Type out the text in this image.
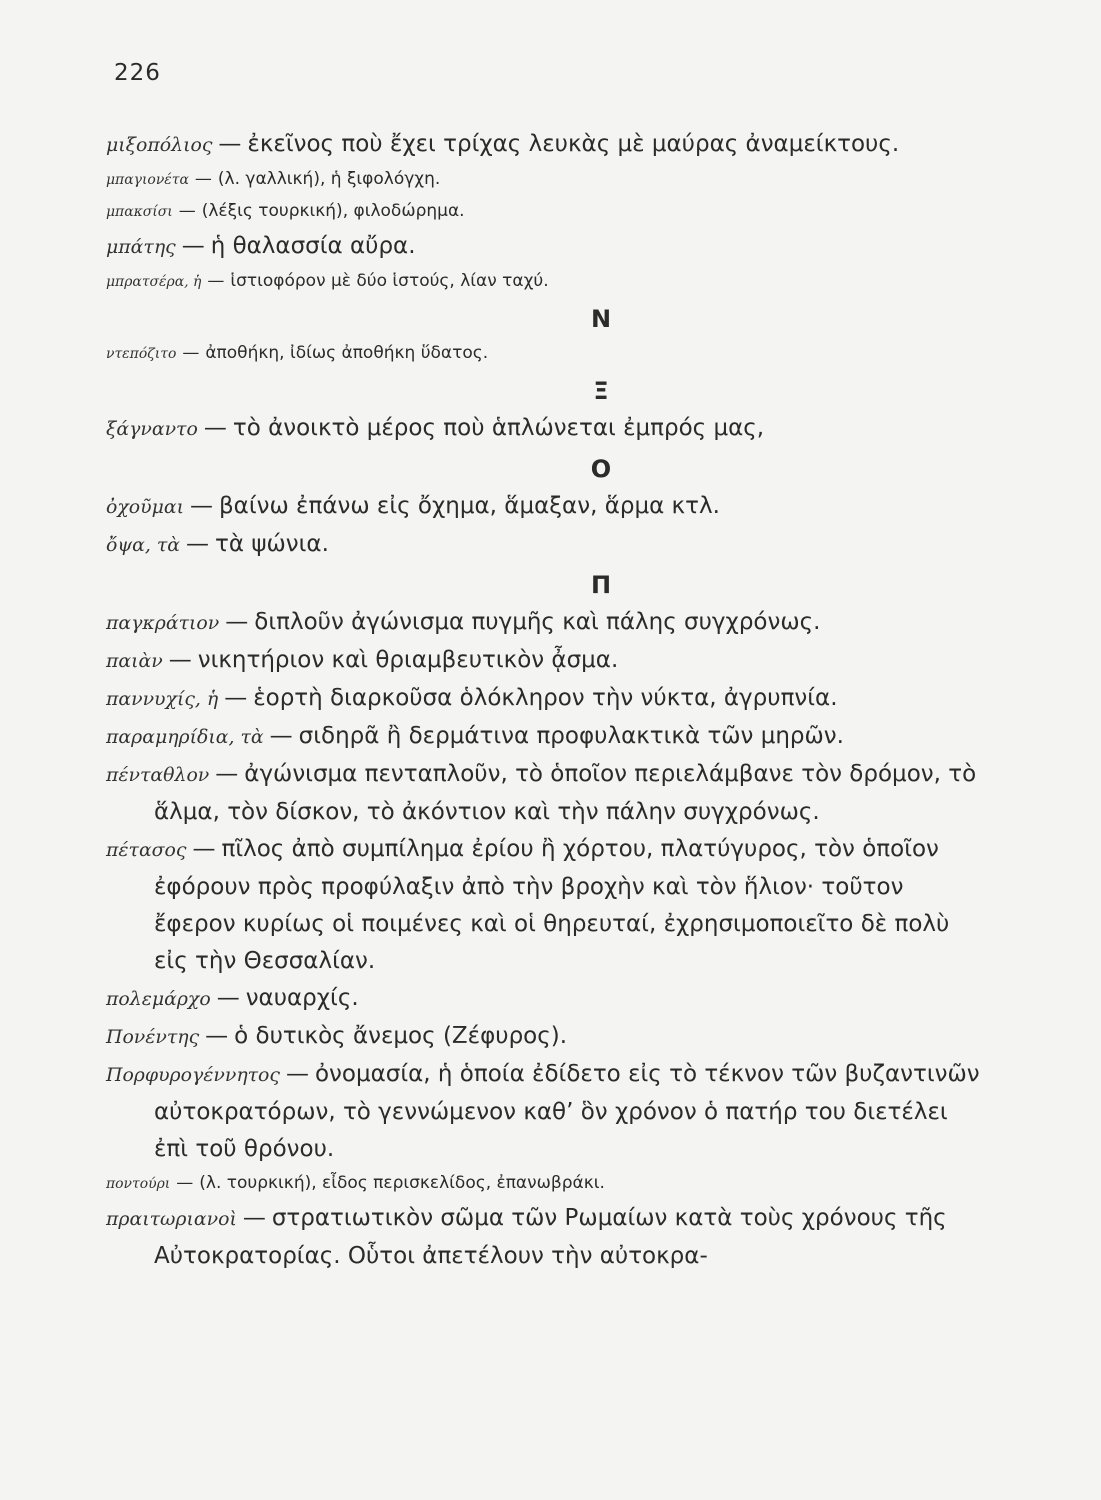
226
μιξοπόλιος — ἐκεῖνος ποὺ ἔχει τρίχας λευκὰς μὲ μαύρας ἀναμείκτους.
μπαγιονέτα — (λ. γαλλική), ἡ ξιφολόγχη.
μπακσίσι — (λέξις τουρκική), φιλοδώρημα.
μπάτης — ἡ θαλασσία αὔρα.
μπρατσέρα, ἡ — ἱστιοφόρον μὲ δύο ἱστούς, λίαν ταχύ.
Ν
ντεπόζιτο — ἀποθήκη, ἰδίως ἀποθήκη ὕδατος.
Ξ
ξάγναντο — τὸ ἀνοικτὸ μέρος ποὺ ἁπλώνεται ἐμπρός μας,
Ο
ὀχοῦμαι — βαίνω ἐπάνω εἰς ὄχημα, ἅμαξαν, ἅρμα κτλ.
ὄψα, τὰ — τὰ ψώνια.
Π
παγκράτιον — διπλοῦν ἀγώνισμα πυγμῆς καὶ πάλης συγχρόνως.
παιὰν — νικητήριον καὶ θριαμβευτικὸν ᾆσμα.
παννυχίς, ἡ — ἑορτὴ διαρκοῦσα ὁλόκληρον τὴν νύκτα, ἀγρυπνία.
παραμηρίδια, τὰ — σιδηρᾶ ἢ δερμάτινα προφυλακτικὰ τῶν μηρῶν.
πένταθλον — ἀγώνισμα πενταπλοῦν, τὸ ὁποῖον περιελάμβανε τὸν δρόμον, τὸ ἅλμα, τὸν δίσκον, τὸ ἀκόντιον καὶ τὴν πάλην συγχρόνως.
πέτασος — πῖλος ἀπὸ συμπίλημα ἐρίου ἢ χόρτου, πλατύγυρος, τὸν ὁποῖον ἐφόρουν πρὸς προφύλαξιν ἀπὸ τὴν βροχὴν καὶ τὸν ἥλιον· τοῦτον ἔφερον κυρίως οἱ ποιμένες καὶ οἱ θηρευταί, ἐχρησιμοποιεῖτο δὲ πολὺ εἰς τὴν Θεσσαλίαν.
πολεμάρχο — ναυαρχίς.
Πονέντης — ὁ δυτικὸς ἄνεμος (Ζέφυρος).
Πορφυρογέννητος — ὀνομασία, ἡ ὁποία ἐδίδετο εἰς τὸ τέκνον τῶν βυζαντινῶν αὐτοκρατόρων, τὸ γεννώμενον καθ’ ὃν χρόνον ὁ πατήρ του διετέλει ἐπὶ τοῦ θρόνου.
ποντούρι — (λ. τουρκική), εἶδος περισκελίδος, ἐπανωβράκι.
πραιτωριανοὶ — στρατιωτικὸν σῶμα τῶν Ρωμαίων κατὰ τοὺς χρόνους τῆς Αὐτοκρατορίας. Οὗτοι ἀπετέλουν τὴν αὐτοκρα-
